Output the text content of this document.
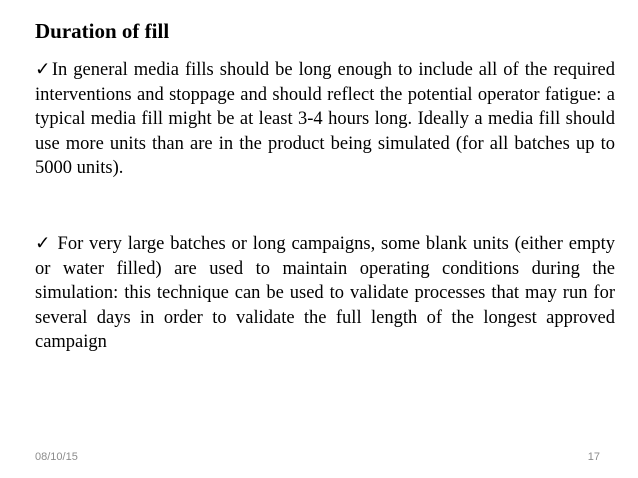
Duration of fill

✓In general media fills should be long enough to include all of the required interventions and stoppage and should reflect the potential operator fatigue: a typical media fill might be at least 3-4 hours long. Ideally a media fill should use more units than are in the product being simulated (for all batches up to 5000 units).

✓ For very large batches or long campaigns, some blank units (either empty or water filled) are used to maintain operating conditions during the simulation: this technique can be used to validate processes that may run for several days in order to validate the full length of the longest approved campaign

08/10/15	17
